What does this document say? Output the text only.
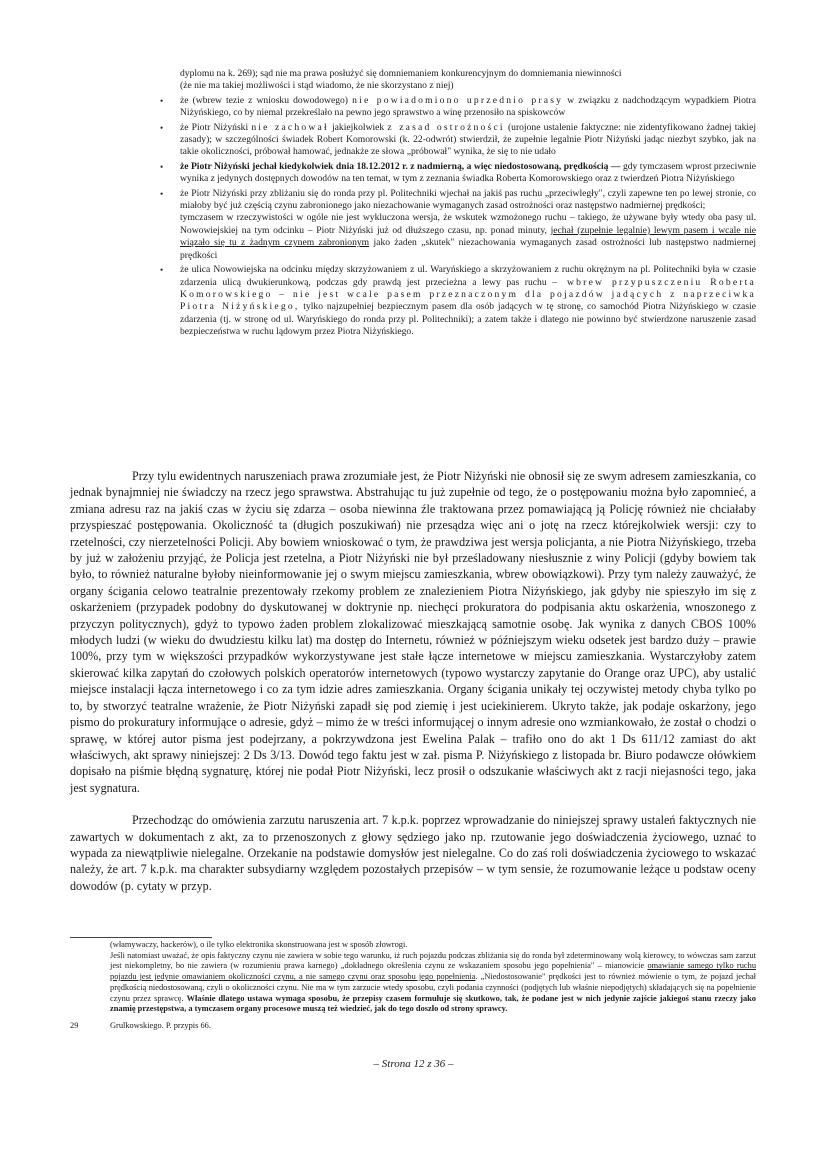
dyplomu na k. 269); sąd nie ma prawa posłużyć się domniemaniem konkurencyjnym do domniemania niewinności
(że nie ma takiej możliwości i stąd wiadomo, że nie skorzystano z niej)

•	że (wbrew tezie z wniosku dowodowego) nie powiadomiono uprzednio prasy w związku z nadchodzącym wypadkiem Piotra Niżyńskiego, co by niemal przekreślało na pewno jego sprawstwo a winę przenosiło na spiskowców

•	że Piotr Niżyński nie zachował jakiejkolwiek z zasad ostrożności (urojone ustalenie faktyczne: nie zidentyfikowano żadnej takiej zasady); w szczególności świadek Robert Komorowski (k. 22-odwrót) stwierdził, że zupełnie legalnie Piotr Niżyński jadąc niezbyt szybko, jak na takie okoliczności, próbował hamować, jednakże ze słowa „próbował" wynika, że się to nie udało

•	że Piotr Niżyński jechał kiedykolwiek dnia 18.12.2012 r. z nadmierną, a więc niedostosowaną, prędkością — gdy tymczasem wprost przeciwnie wynika z jedynych dostępnych dowodów na ten temat, w tym z zeznania świadka Roberta Komorowskiego oraz z twierdzeń Piotra Niżyńskiego

•	że Piotr Niżyński przy zbliżaniu się do ronda przy pl. Politechniki wjechał na jakiś pas ruchu „przeciwległy", czyli zapewne ten po lewej stronie, co miałoby być już częścią czynu zabronionego jako niezachowanie wymaganych zasad ostrożności oraz następstwo nadmiernej prędkości;

tymczasem w rzeczywistości w ogóle nie jest wykluczona wersja, że wskutek wzmożonego ruchu – takiego, że używane były wtedy oba pasy ul. Nowowiejskiej na tym odcinku – Piotr Niżyński już od dłuższego czasu, np. ponad minuty, jechał (zupełnie legalnie) lewym pasem i wcale nie wiązało się tu z żadnym czynem zabronionym jako żaden „skutek" niezachowania wymaganych zasad ostrożności lub następstwo nadmiernej prędkości

•	że ulica Nowowiejska na odcinku między skrzyżowaniem z ul. Waryńskiego a skrzyżowaniem z ruchu okrężnym na pl. Politechniki była w czasie zdarzenia ulicą dwukierunkową, podczas gdy prawdą jest przecieżna a lewy pas ruchu – wbrew przypuszczeniu Roberta Komorowskiego – nie jest wcale pasem przeznaczonym dla pojazdów jadących z naprzeciwka Piotra Niżyńskiego, tylko najzupełniej bezpiecznym pasem dla osób jadących w tę stronę, co samochód Piotra Niżyńskiego w czasie zdarzenia (tj. w stronę od ul. Waryńskiego do ronda przy pl. Politechniki); a zatem także i dlatego nie powinno być stwierdzone naruszenie zasad bezpieczeństwa w ruchu lądowym przez Piotra Niżyńskiego.

Przy tylu ewidentnych naruszeniach prawa zrozumiałe jest, że Piotr Niżyński nie obnosił się ze swym adresem zamieszkania, co jednak bynajmniej nie świadczy na rzecz jego sprawstwa. Abstrahując tu już zupełnie od tego, że o postępowaniu można było zapomnieć, a zmiana adresu raz na jakiś czas w życiu się zdarza – osoba niewinna źle traktowana przez pomawiającą ją Policję również nie chciałaby przyspieszać postępowania. Okoliczność ta (długich poszukiwań) nie przesądza więc ani o jotę na rzecz którejkolwiek wersji: czy to rzetelności, czy nierzetelności Policji. Aby bowiem wnioskować o tym, że prawdziwa jest wersja policjanta, a nie Piotra Niżyńskiego, trzeba by już w założeniu przyjąć, że Policja jest rzetelna, a Piotr Niżyński nie był prześladowany niesłusznie z winy Policji (gdyby bowiem tak było, to również naturalne byłoby nieinformowanie jej o swym miejscu zamieszkania, wbrew obowiązkowi). Przy tym należy zauważyć, że organy ścigania celowo teatralnie prezentowały rzekomy problem ze znalezieniem Piotra Niżyńskiego, jak gdyby nie spieszyło im się z oskarżeniem (przypadek podobny do dyskutowanej w doktrynie np. niechęci prokuratora do podpisania aktu oskarżenia, wnoszonego z przyczyn politycznych), gdyż to typowo żaden problem zlokalizować mieszkającą samotnie osobę. Jak wynika z danych CBOS 100% młodych ludzi (w wieku do dwudziestu kilku lat) ma dostęp do Internetu, również w późniejszym wieku odsetek jest bardzo duży – prawie 100%, przy tym w większości przypadków wykorzystywane jest stałe łącze internetowe w miejscu zamieszkania. Wystarczyłoby zatem skierować kilka zapytań do czołowych polskich operatorów internetowych (typowo wystarczy zapytanie do Orange oraz UPC), aby ustalić miejsce instalacji łącza internetowego i co za tym idzie adres zamieszkania. Organy ścigania unikały tej oczywistej metody chyba tylko po to, by stworzyć teatralne wrażenie, że Piotr Niżyński zapadł się pod ziemię i jest uciekinierem. Ukryto także, jak podaje oskarżony, jego pismo do prokuratury informujące o adresie, gdyż – mimo że w treści informującej o innym adresie ono wzmiankowało, że został o chodzi o sprawę, w której autor pisma jest podejrzany, a pokrzywdzona jest Ewelina Palak – trafiło ono do akt 1 Ds 611/12 zamiast do akt właściwych, akt sprawy niniejszej: 2 Ds 3/13. Dowód tego faktu jest w zał. pisma P. Niżyńskiego z listopada br. Biuro podawcze ołówkiem dopisało na piśmie błędną sygnaturę, której nie podał Piotr Niżyński, lecz prosił o odszukanie właściwych akt z racji niejasności tego, jaka jest sygnatura.

Przechodząc do omówienia zarzutu naruszenia art. 7 k.p.k. poprzez wprowadzanie do niniejszej sprawy ustaleń faktycznych nie zawartych w dokumentach z akt, za to przenoszonych z głowy sędziego jako np. rzutowanie jego doświadczenia życiowego, uznać to wypada za niewątpliwie nielegalne. Orzekanie na podstawie domysłów jest nielegalne. Co do zaś roli doświadczenia życiowego to wskazać należy, że art. 7 k.p.k. ma charakter subsydiarny względem pozostałych przepisów – w tym sensie, że rozumowanie leżące u podstaw oceny dowodów (p. cytaty w przyp.

(włamywaczy, hackerów), o ile tylko elektronika skonstruowana jest w sposób złowrogi.

Jeśli natomiast uważać, że opis faktyczny czynu nie zawiera w sobie tego warunku, iż ruch pojazdu podczas zbliżania się do ronda był zdeterminowany wolą kierowcy, to wówczas sam zarzut jest niekompletny, bo nie zawiera (w rozumieniu prawa karnego) „dokładnego określenia czynu ze wskazaniem sposobu jego popełnienia" – mianowicie omawianie samego tylko ruchu pojazdu jest jedynie omawianiem okoliczności czynu, a nie samego czynu oraz sposobu jego popełnienia. „Niedostosowanie" prędkości jest to również mówienie o tym, że pojazd jechał prędkością niedostosowaną, czyli o okoliczności czynu. Nie ma w tym zarzucie wtedy sposobu, czyli podania czynności (podjętych lub właśnie niepodjętych) składających się na popełnienie czynu przez sprawcę. Właśnie dlatego ustawa wymaga sposobu, że przepisy czasem formułuje się skutkowo, tak, że podane jest w nich jedynie zajście jakiegoś stanu rzeczy jako znamię przestępstwa, a tymczasem organy procesowe muszą też wiedzieć, jak do tego doszło od strony sprawcy.

29	Grulkowskiego. P. przypis 66.
– Strona 12 z 36 –
